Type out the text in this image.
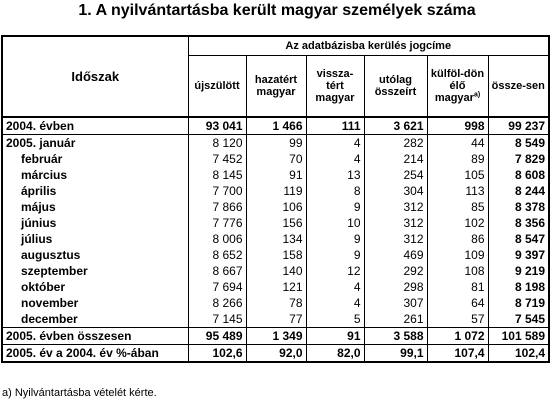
1. A nyilvántartásba került magyar személyek száma
Időszak	Az adatbázisba kerülés jogcíme					
	újszülött	hazatért magyar	vissza-tért magyar	utólag összeírt	külföl-dön élő magyar$^{a)}$	össze-sen
2004. évben	93 041	1 466	111	3 621	998	99 237
2005. január	8 120	99	4	282	44	8 549
február	7 452	70	4	214	89	7 829
március	8 145	91	13	254	105	8 608
április	7 700	119	8	304	113	8 244
május	7 866	106	9	312	85	8 378
június	7 776	156	10	312	102	8 356
július	8 006	134	9	312	86	8 547
augusztus	8 652	158	9	469	109	9 397
szeptember	8 667	140	12	292	108	9 219
október	7 694	121	4	298	81	8 198
november	8 266	78	4	307	64	8 719
december	7 145	77	5	261	57	7 545
2005. évben összesen	95 489	1 349	91	3 588	1 072	101 589
2005. év a 2004. év %-ában	102,6	92,0	82,0	99,1	107,4	102,4
a) Nyilvántartásba vételét kérte.
